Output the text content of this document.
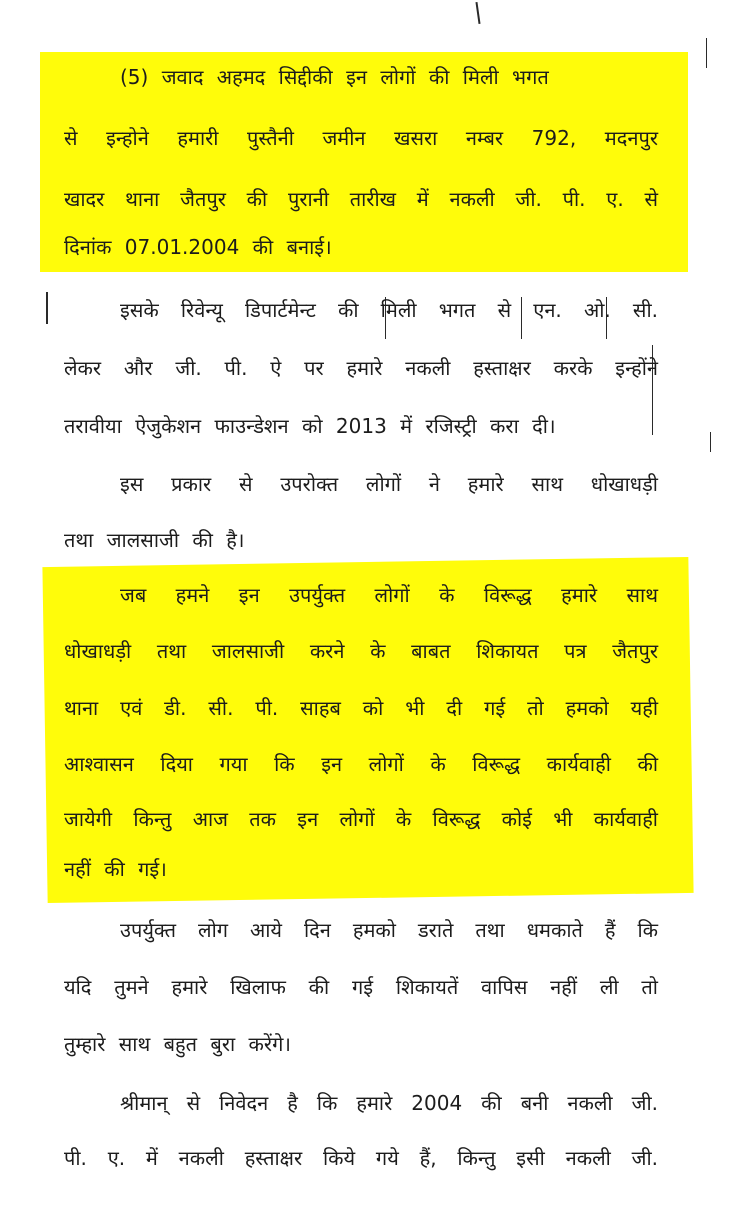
(5) जवाद अहमद सिद्दीकी इन लोगों की मिली भगत
से इन्होने हमारी पुस्तैनी जमीन खसरा नम्बर 792, मदनपुर
खादर थाना जैतपुर की पुरानी तारीख में नकली जी. पी. ए. से
दिनांक 07.01.2004 की बनाई।
इसके रिवेन्यू डिपार्टमेन्ट की मिली भगत से एन. ओ. सी.
लेकर और जी. पी. ऐ पर हमारे नकली हस्ताक्षर करके इन्होंने
तरावीया ऐजुकेशन फाउन्डेशन को 2013 में रजिस्ट्री करा दी।
इस प्रकार से उपरोक्त लोगों ने हमारे साथ धोखाधड़ी
तथा जालसाजी की है।
जब हमने इन उपर्युक्त लोगों के विरूद्ध हमारे साथ
धोखाधड़ी तथा जालसाजी करने के बाबत शिकायत पत्र जैतपुर
थाना एवं डी. सी. पी. साहब को भी दी गई तो हमको यही
आश्वासन दिया गया कि इन लोगों के विरूद्ध कार्यवाही की
जायेगी किन्तु आज तक इन लोगों के विरूद्ध कोई भी कार्यवाही
नहीं की गई।
उपर्युक्त लोग आये दिन हमको डराते तथा धमकाते हैं कि
यदि तुमने हमारे खिलाफ की गई शिकायतें वापिस नहीं ली तो
तुम्हारे साथ बहुत बुरा करेंगे।
श्रीमान् से निवेदन है कि हमारे 2004 की बनी नकली जी.
पी. ए. में नकली हस्ताक्षर किये गये हैं, किन्तु इसी नकली जी.
